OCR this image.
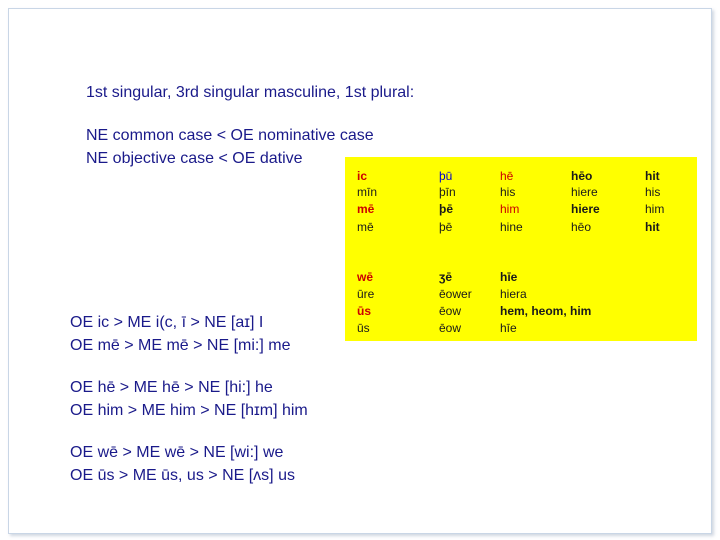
1st singular, 3rd singular masculine, 1st plural:
NE common case < OE nominative case
NE objective case < OE dative
ic
mīn
mē
mē
wē
ūre
ūs
ūs
þū
þīn
þē
þē
ʒē
ēower
ēow
ēow
hē
his
him
hine
hīe
hiera
hem, heom, him
hīe
hēo
hiere
hiere
hēo
hit
his
him
hit
OE ic > ME i(c, ī > NE [aɪ] I
OE mē > ME mē > NE [mi:] me
OE hē > ME hē > NE [hi:] he
OE him > ME him > NE [hɪm] him
OE wē > ME wē > NE [wi:] we
OE ūs > ME ūs, us > NE [ʌs] us
